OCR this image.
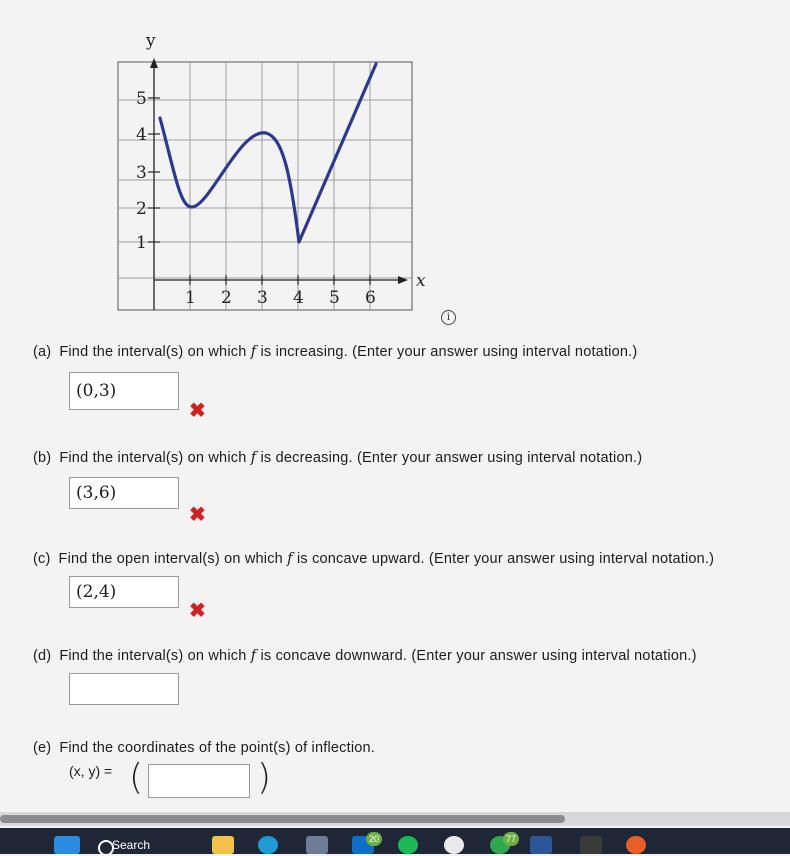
y
x
1 2 3 4 5 6
1
2
3
4
5
i
(a) Find the interval(s) on which f is increasing. (Enter your answer using interval notation.)
(0,3)
✖
(b) Find the interval(s) on which f is decreasing. (Enter your answer using interval notation.)
(3,6)
✖
(c) Find the open interval(s) on which f is concave upward. (Enter your answer using interval notation.)
(2,4)
✖
(d) Find the interval(s) on which f is concave downward. (Enter your answer using interval notation.)
(e) Find the coordinates of the point(s) of inflection.
(x, y) = (	)
Search	20	77
